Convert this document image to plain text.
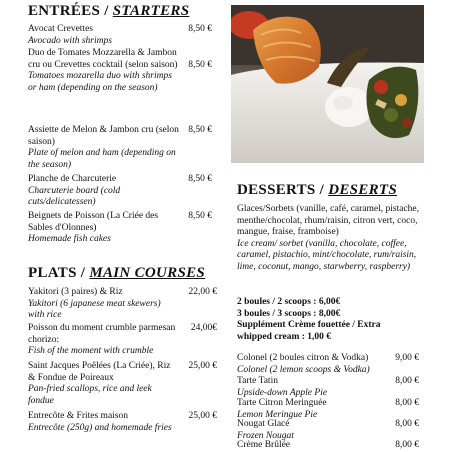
ENTRÉES / STARTERS
Avocat Crevettes
Avocado with shrimps
8,50 €
Duo de Tomates Mozzarella & Jambon cru ou Crevettes cocktail (selon saison)
Tomatoes mozarella duo with shrimps or ham (depending on the season)
8,50 €
Assiette de Melon & Jambon cru (selon saison)
Plate of melon and ham (depending on the season)
8,50 €
Planche de Charcuterie
Charcuterie board (cold cuts/delicatessen)
8,50 €
Beignets de Poisson (La Criée des Sables d'Olonnes)
Homemade fish cakes
8,50 €
PLATS / MAIN COURSES
Yakitori (3 paires) & Riz
Yakitori (6 japanese meat skewers) with rice
22,00 €
Poisson du moment crumble parmesan chorizo:
Fish of the moment with crumble
24,00€
Saint Jacques Poêlées (La Criée), Riz & Fondue de Poireaux
Pan-fried scallops, rice and leek fondue
25,00 €
Entrecôte & Frites maison
Entrecôte (250g) and homemade fries
25,00 €
DESSERTS / DESERTS
Glaces/Sorbets (vanille, café, caramel, pistache, menthe/chocolat, rhum/raisin, citron vert, coco, mangue, fraise, framboise)
Ice cream/ sorbet (vanilla, chocolate, coffee, caramel, pistachio, mint/chocolate, rum/raisin, lime, coconut, mango, starwberry, raspberry)
2 boules / 2 scoops : 6,00€
3 boules / 3 scoops : 8,00€
Supplément Crème fouettée / Extra whipped cream : 1,00 €
Colonel (2 boules citron & Vodka)
Colonel (2 lemon scoops & Vodka)
9,00 €
Tarte Tatin
Upside-down Apple Pie
8,00 €
Tarte Citron Meringuée
Lemon Meringue Pie
8,00 €
Nougat Glacé
Frozen Nougat
8,00 €
Crème Brûlée	8,00 €
